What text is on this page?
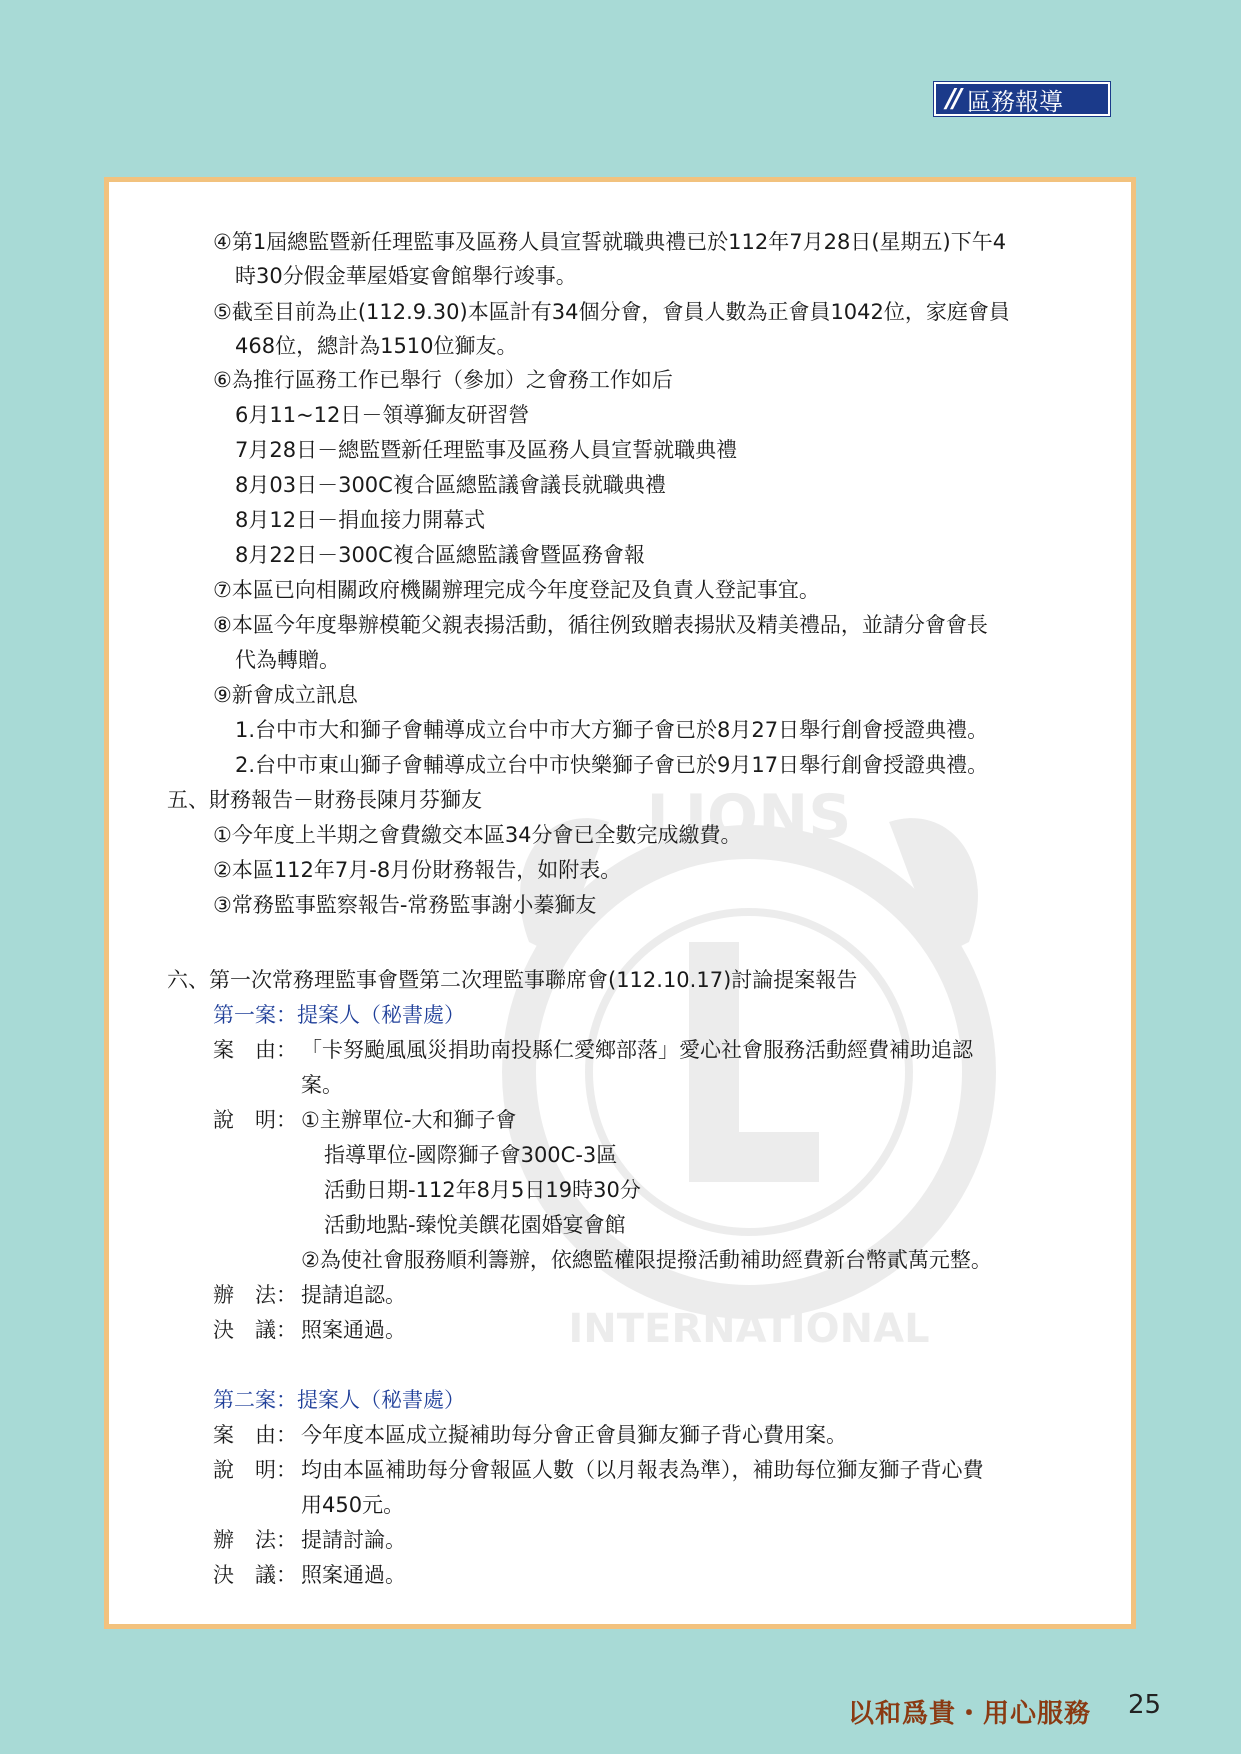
// 區務報導
LIONS
INTERNATIONAL
④第1屆總監暨新任理監事及區務人員宣誓就職典禮已於112年7月28日(星期五)下午4
時30分假金華屋婚宴會館舉行竣事。
⑤截至目前為止(112.9.30)本區計有34個分會，會員人數為正會員1042位，家庭會員
468位，總計為1510位獅友。
⑥為推行區務工作已舉行（參加）之會務工作如后
6月11~12日－領導獅友研習營
7月28日－總監暨新任理監事及區務人員宣誓就職典禮
8月03日－300C複合區總監議會議長就職典禮
8月12日－捐血接力開幕式
8月22日－300C複合區總監議會暨區務會報
⑦本區已向相關政府機關辦理完成今年度登記及負責人登記事宜。
⑧本區今年度舉辦模範父親表揚活動，循往例致贈表揚狀及精美禮品，並請分會會長
代為轉贈。
⑨新會成立訊息
1.台中市大和獅子會輔導成立台中市大方獅子會已於8月27日舉行創會授證典禮。
2.台中市東山獅子會輔導成立台中市快樂獅子會已於9月17日舉行創會授證典禮。
五、財務報告－財務長陳月芬獅友
①今年度上半期之會費繳交本區34分會已全數完成繳費。
②本區112年7月-8月份財務報告，如附表。
③常務監事監察報告-常務監事謝小蓁獅友
六、第一次常務理監事會暨第二次理監事聯席會(112.10.17)討論提案報告
第一案：提案人（秘書處）
案　由： 「卡努颱風風災捐助南投縣仁愛鄉部落」愛心社會服務活動經費補助追認
案。
說　明： ①主辦單位-大和獅子會
指導單位-國際獅子會300C-3區
活動日期-112年8月5日19時30分
活動地點-臻悅美饌花園婚宴會館
②為使社會服務順利籌辦，依總監權限提撥活動補助經費新台幣貳萬元整。
辦　法： 提請追認。
決　議： 照案通過。
第二案：提案人（秘書處）
案　由： 今年度本區成立擬補助每分會正會員獅友獅子背心費用案。
說　明： 均由本區補助每分會報區人數（以月報表為準），補助每位獅友獅子背心費
用450元。
辦　法： 提請討論。
決　議： 照案通過。
以和爲貴・用心服務 25
